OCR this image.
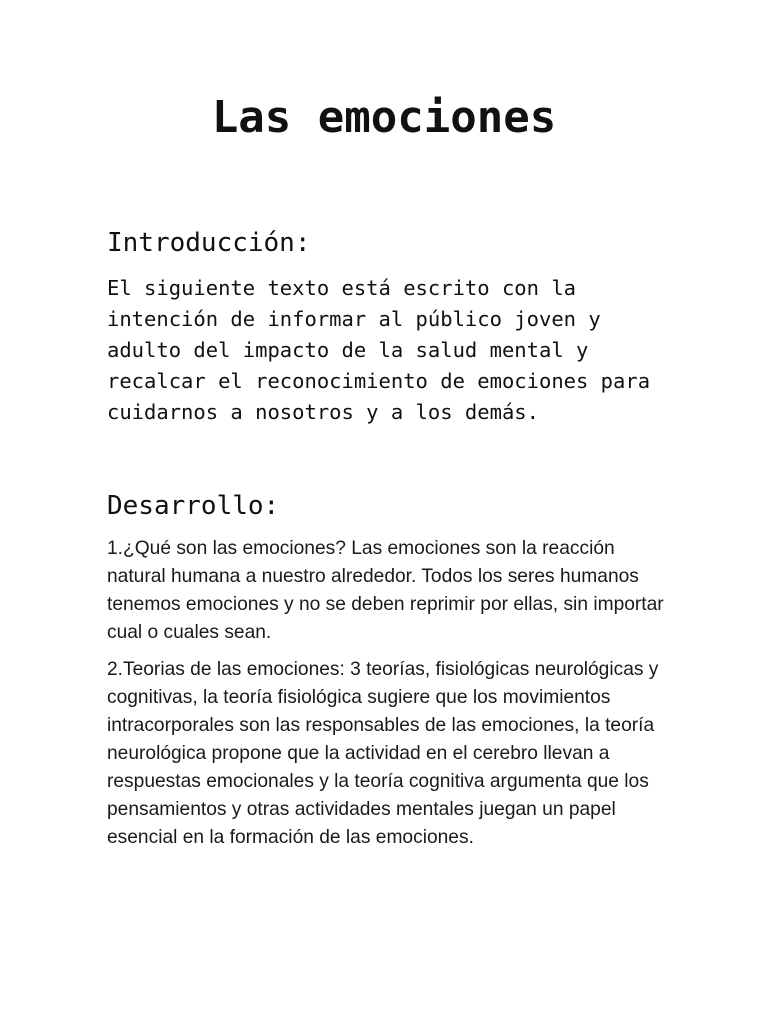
Las emociones
Introducción:

El siguiente texto está escrito con la intención de informar al público joven y adulto del impacto de la salud mental y recalcar el reconocimiento de emociones para cuidarnos a nosotros y a los demás.

Desarrollo:

1.¿Qué son las emociones? Las emociones son la reacción natural humana a nuestro alrededor. Todos los seres humanos tenemos emociones y no se deben reprimir por ellas, sin importar cual o cuales sean.

2.Teorias de las emociones: 3 teorías, fisiológicas neurológicas y cognitivas, la teoría fisiológica sugiere que los movimientos intracorporales son las responsables de las emociones, la teoría neurológica propone que la actividad en el cerebro llevan a respuestas emocionales y la teoría cognitiva argumenta que los pensamientos y otras actividades mentales juegan un papel esencial en la formación de las emociones.
